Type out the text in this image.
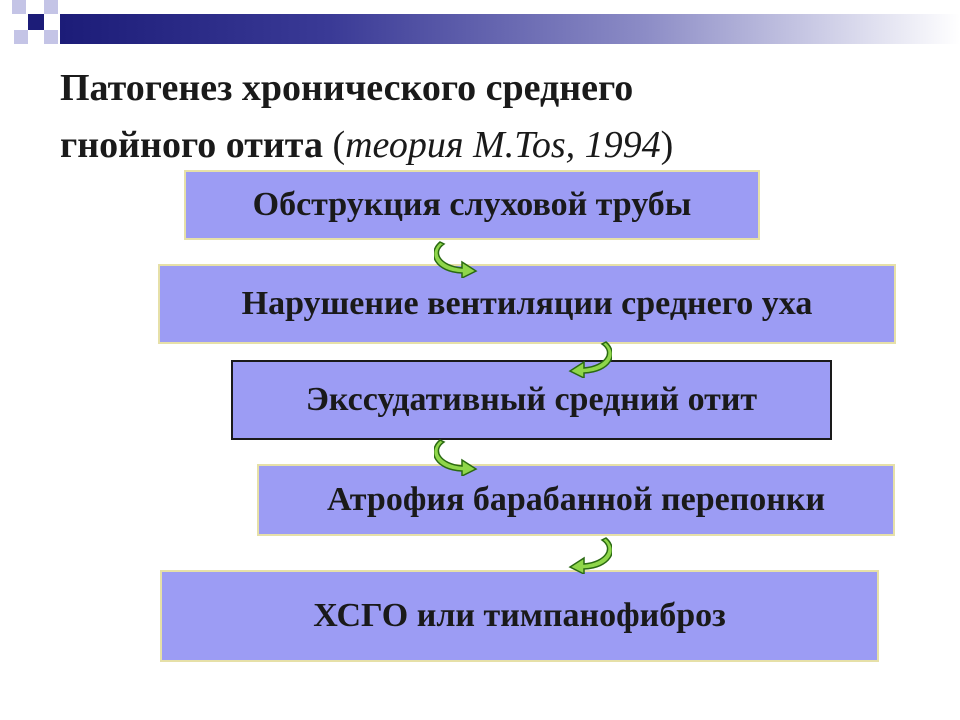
Патогенез хронического среднего
гнойного отита (теория M.Tos, 1994)
Обструкция слуховой трубы
Нарушение вентиляции среднего уха
Экссудативный средний отит
Атрофия барабанной перепонки
ХСГО или тимпанофиброз
